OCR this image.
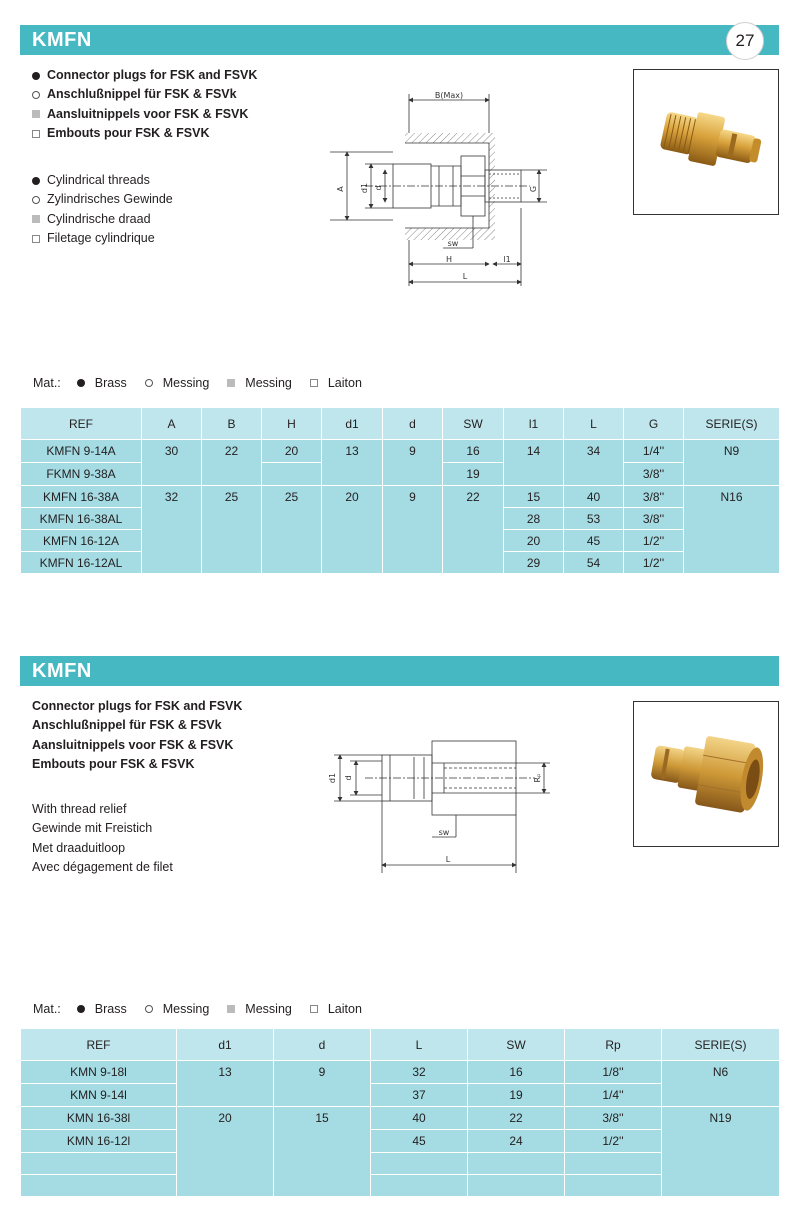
KMFN	27
Connector plugs for FSK and FSVK
Anschlußnippel für FSK & FSVk
Aansluitnippels voor FSK & FSVK
Embouts pour FSK & FSVK
Cylindrical threads
Zylindrisches Gewinde
Cylindrische draad
Filetage cylindrique
B(Max)
A d1 d	G
sw
H	l1
L
Mat.:	Brass	Messing	Messing	Laiton
REF	A	B	H	d1	d	SW	l1	L	G	SERIE(S)
KMFN 9-14A	30	22	20	13	9	16	14	34	1/4''	N9
FKMN 9-38A						19			3/8''	
KMFN 16-38A	32	25	25	20	9	22	15	40	3/8''	N16
KMFN 16-38AL							28	53	3/8''	
KMFN 16-12A							20	45	1/2''	
KMFN 16-12AL							29	54	1/2''	
KMFN
Connector plugs for FSK and FSVK
Anschlußnippel für FSK & FSVk
Aansluitnippels voor FSK & FSVK
Embouts pour FSK & FSVK
With thread relief
Gewinde mit Freistich
Met draaduitloop
Avec dégagement de filet
d1 d	Rₚ
sw
L
Mat.:	Brass	Messing	Messing	Laiton
REF	d1	d	L	SW	Rp	SERIE(S)
KMN 9-18l	13	9	32	16	1/8''	N6
KMN 9-14l			37	19	1/4''	
KMN 16-38l	20	15	40	22	3/8''	N19
KMN 16-12l			45	24	1/2''	
